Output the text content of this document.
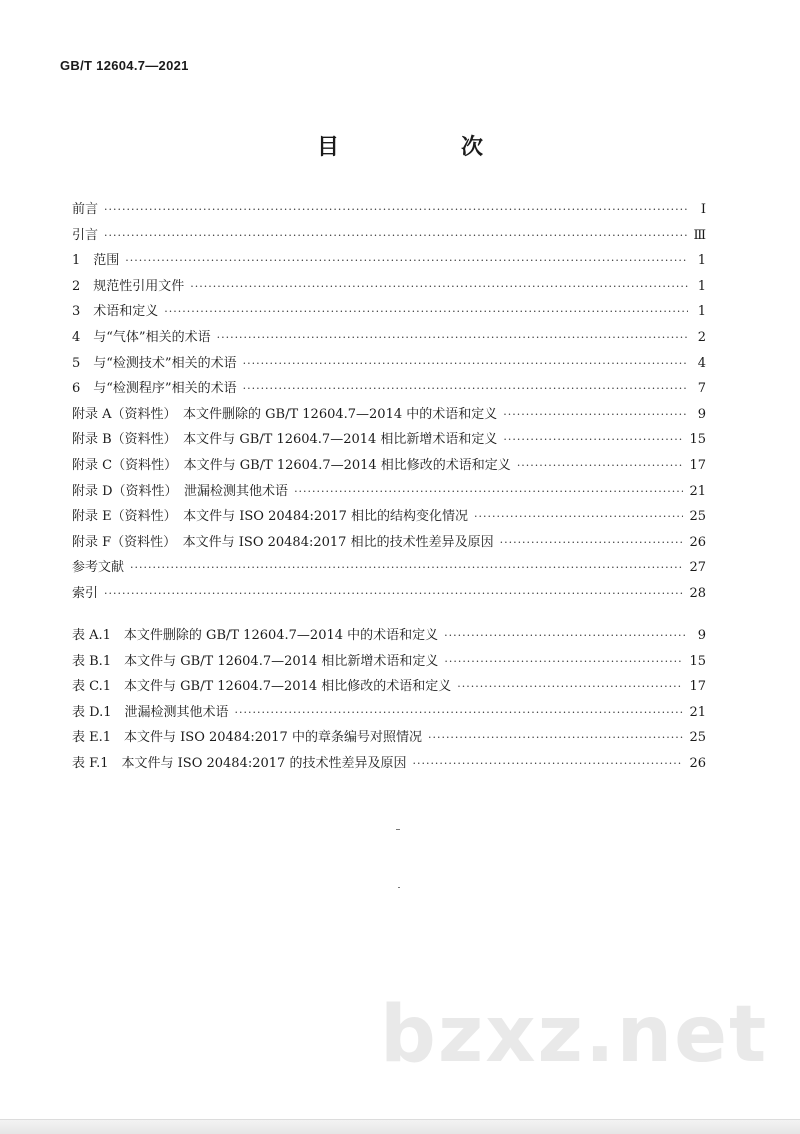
GB/T 12604.7—2021
目　　次
前言 ·····	Ⅰ
引言 ·····	Ⅲ
1　范围 ·····	1
2　规范性引用文件 ·····	1
3　术语和定义 ·····	1
4　与“气体”相关的术语 ·····	2
5　与“检测技术”相关的术语 ·····	4
6　与“检测程序”相关的术语 ·····	7
附录 A（资料性）　本文件删除的 GB/T 12604.7—2014 中的术语和定义 ·····	9
附录 B（资料性）　本文件与 GB/T 12604.7—2014 相比新增术语和定义 ·····	15
附录 C（资料性）　本文件与 GB/T 12604.7—2014 相比修改的术语和定义 ·····	17
附录 D（资料性）　泄漏检测其他术语 ·····	21
附录 E（资料性）　本文件与 ISO 20484:2017 相比的结构变化情况 ·····	25
附录 F（资料性）　本文件与 ISO 20484:2017 相比的技术性差异及原因 ·····	26
参考文献 ·····	27
索引 ·····	28
表 A.1　本文件删除的 GB/T 12604.7—2014 中的术语和定义 ·····	9
表 B.1　本文件与 GB/T 12604.7—2014 相比新增术语和定义 ·····	15
表 C.1　本文件与 GB/T 12604.7—2014 相比修改的术语和定义 ·····	17
表 D.1　泄漏检测其他术语 ·····	21
表 E.1　本文件与 ISO 20484:2017 中的章条编号对照情况 ·····	25
表 F.1　本文件与 ISO 20484:2017 的技术性差异及原因 ·····	26
bzxz.net
